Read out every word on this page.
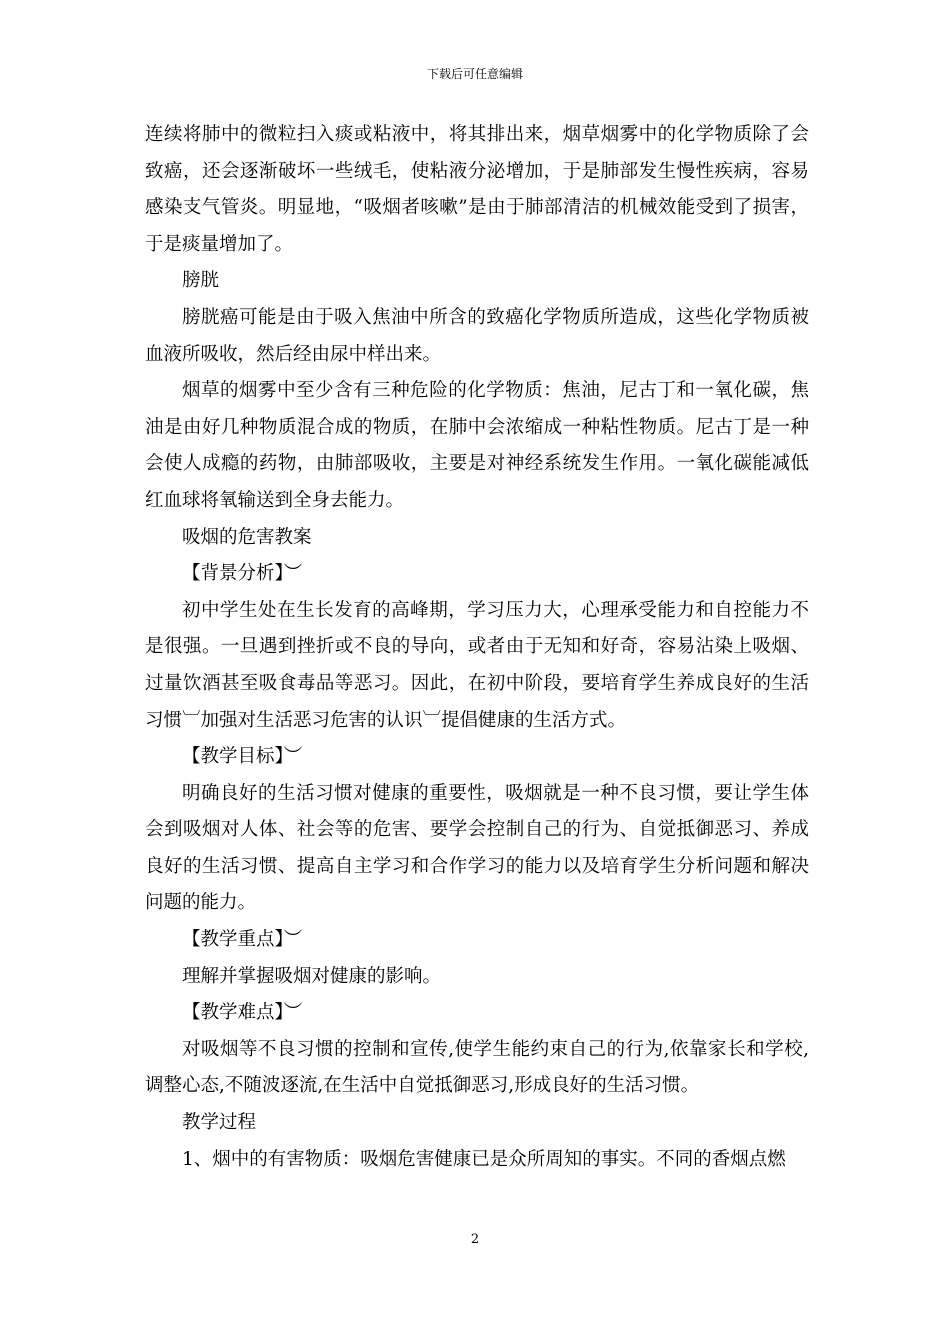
下载后可任意编辑
连续将肺中的微粒扫入痰或粘液中，将其排出来，烟草烟雾中的化学物质除了会致癌，还会逐渐破坏一些绒毛，使粘液分泌增加，于是肺部发生慢性疾病，容易感染支气管炎。明显地，“吸烟者咳嗽”是由于肺部清洁的机械效能受到了损害，于是痰量增加了。
膀胱
膀胱癌可能是由于吸入焦油中所含的致癌化学物质所造成，这些化学物质被血液所吸收，然后经由尿中样出来。
烟草的烟雾中至少含有三种危险的化学物质：焦油，尼古丁和一氧化碳，焦油是由好几种物质混合成的物质，在肺中会浓缩成一种粘性物质。尼古丁是一种会使人成瘾的药物，由肺部吸收，主要是对神经系统发生作用。一氧化碳能减低红血球将氧输送到全身去能力。
吸烟的危害教案
【背景分析】︶
初中学生处在生长发育的高峰期，学习压力大，心理承受能力和自控能力不是很强。一旦遇到挫折或不良的导向，或者由于无知和好奇，容易沾染上吸烟、过量饮酒甚至吸食毒品等恶习。因此，在初中阶段，要培育学生养成良好的生活习惯︺加强对生活恶习危害的认识︺提倡健康的生活方式。
【教学目标】︶
明确良好的生活习惯对健康的重要性，吸烟就是一种不良习惯，要让学生体会到吸烟对人体、社会等的危害、要学会控制自己的行为、自觉抵御恶习、养成良好的生活习惯、提高自主学习和合作学习的能力以及培育学生分析问题和解决问题的能力。
【教学重点】︶
理解并掌握吸烟对健康的影响。
【教学难点】︶
对吸烟等不良习惯的控制和宣传,使学生能约束自己的行为,依靠家长和学校,调整心态,不随波逐流,在生活中自觉抵御恶习,形成良好的生活习惯。
教学过程
1、烟中的有害物质：吸烟危害健康已是众所周知的事实。不同的香烟点燃
2
